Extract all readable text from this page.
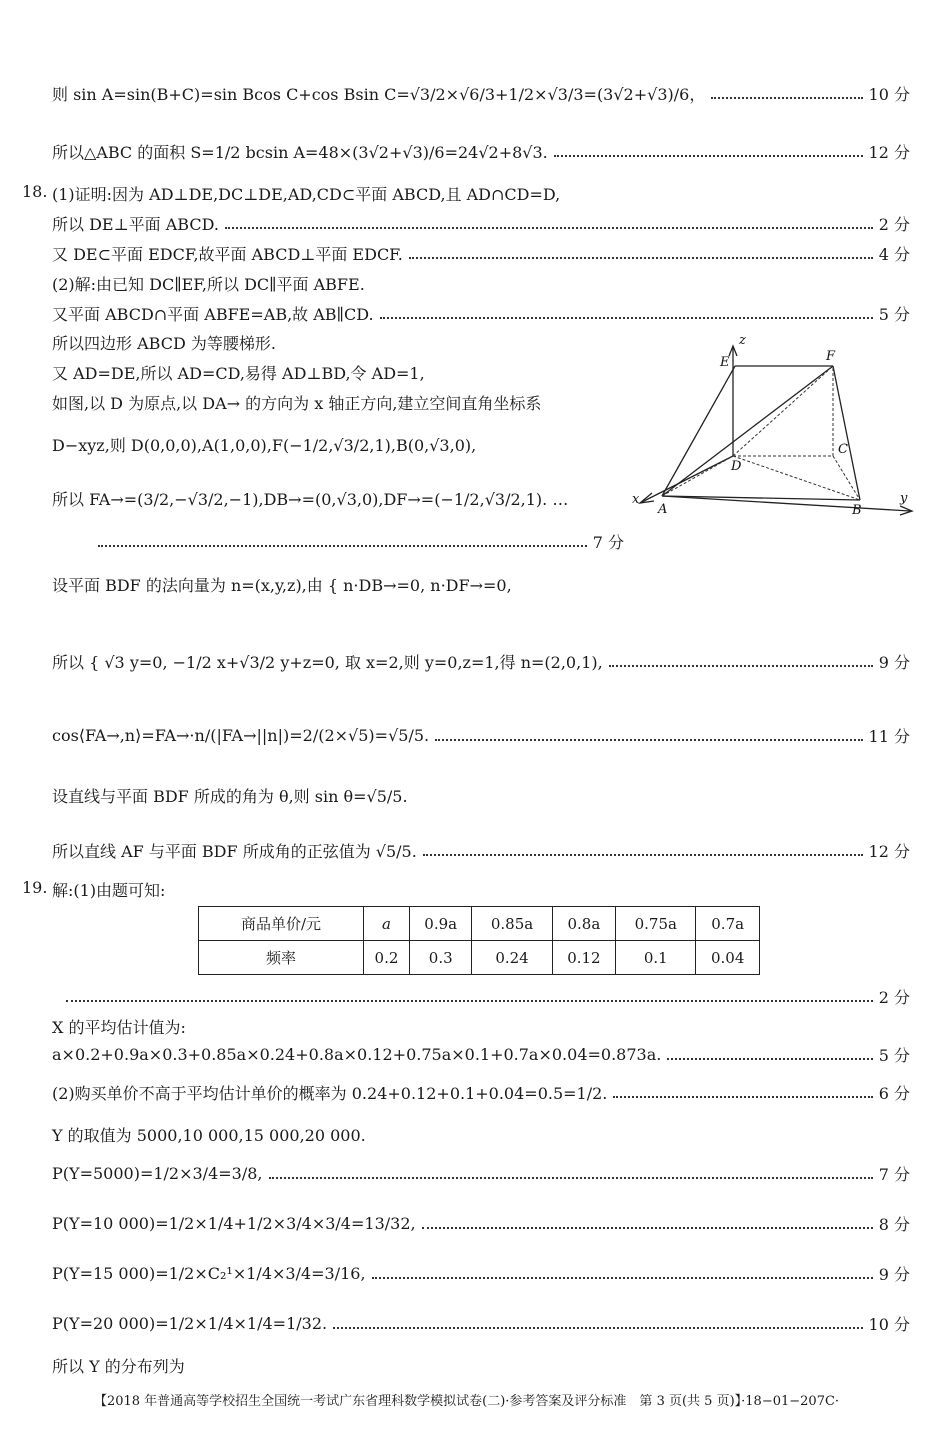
则 sin A=sin(B+C)=sin Bcos C+cos Bsin C=√3/2×√6/3+1/2×√3/3=(3√2+√3)/6，	10 分
所以△ABC 的面积 S=1/2 bcsin A=48×(3√2+√3)/6=24√2+8√3.	12 分
18. (1)证明:因为 AD⊥DE,DC⊥DE,AD,CD⊂平面 ABCD,且 AD∩CD=D,
所以 DE⊥平面 ABCD.	2 分
又 DE⊂平面 EDCF,故平面 ABCD⊥平面 EDCF.	4 分
(2)解:由已知 DC∥EF,所以 DC∥平面 ABFE.
又平面 ABCD∩平面 ABFE=AB,故 AB∥CD.	5 分
所以四边形 ABCD 为等腰梯形.
又 AD=DE,所以 AD=CD,易得 AD⊥BD,令 AD=1,
如图,以 D 为原点,以 DA→ 的方向为 x 轴正方向,建立空间直角坐标系
D−xyz,则 D(0,0,0),A(1,0,0),F(−1/2,√3/2,1),B(0,√3,0),
所以 FA→=(3/2,−√3/2,−1),DB→=(0,√3,0),DF→=(−1/2,√3/2,1). …
7 分
E	F
z
C
D
x	y
A	B
设平面 BDF 的法向量为 n=(x,y,z),由 { n·DB→=0, n·DF→=0,
所以 { √3 y=0, −1/2 x+√3/2 y+z=0, 取 x=2,则 y=0,z=1,得 n=(2,0,1),	9 分
cos⟨FA→,n⟩=FA→·n/(|FA→||n|)=2/(2×√5)=√5/5.	11 分
设直线与平面 BDF 所成的角为 θ,则 sin θ=√5/5.
所以直线 AF 与平面 BDF 所成角的正弦值为 √5/5.	12 分
19. 解:(1)由题可知:
商品单价/元	a	0.9a	0.85a	0.8a	0.75a	0.7a
频率	0.2	0.3	0.24	0.12	0.1	0.04
2 分
X 的平均估计值为:
a×0.2+0.9a×0.3+0.85a×0.24+0.8a×0.12+0.75a×0.1+0.7a×0.04=0.873a.	5 分
(2)购买单价不高于平均估计单价的概率为 0.24+0.12+0.1+0.04=0.5=1/2.	6 分
Y 的取值为 5000,10 000,15 000,20 000.
P(Y=5000)=1/2×3/4=3/8,	7 分
P(Y=10 000)=1/2×1/4+1/2×3/4×3/4=13/32,	8 分
P(Y=15 000)=1/2×C₂¹×1/4×3/4=3/16,	9 分
P(Y=20 000)=1/2×1/4×1/4=1/32.	10 分
所以 Y 的分布列为
【2018 年普通高等学校招生全国统一考试广东省理科数学模拟试卷(二)·参考答案及评分标准　第 3 页(共 5 页)】·18−01−207C·
